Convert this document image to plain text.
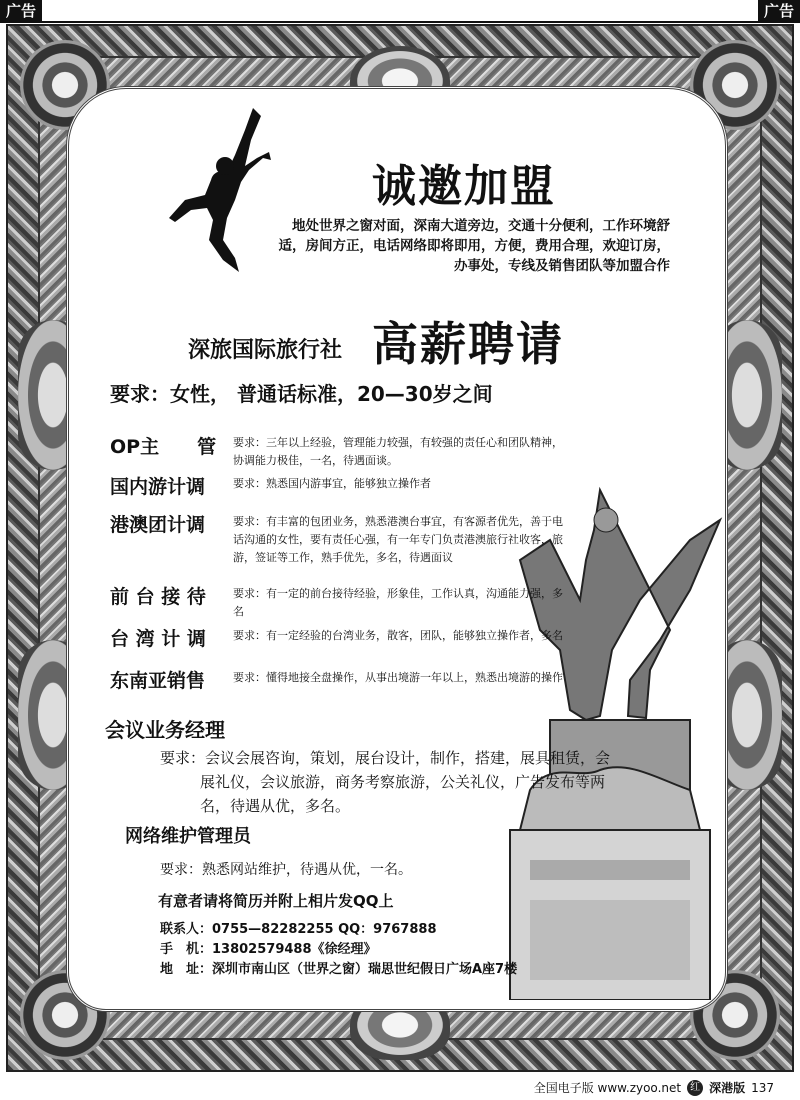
广告	广告
诚邀加盟
地处世界之窗对面，深南大道旁边，交通十分便利，工作环境舒适，房间方正，电话网络即将即用，方便，费用合理，欢迎订房，办事处，专线及销售团队等加盟合作
深旅国际旅行社 高薪聘请
要求：女性， 普通话标准，20—30岁之间
OP主　　管 要求：三年以上经验，管理能力较强，有较强的责任心和团队精神，协调能力极佳，一名，待遇面谈。
国内游计调	要求：熟悉国内游事宜，能够独立操作者
港澳团计调	要求：有丰富的包团业务，熟悉港澳台事宜，有客源者优先，善于电话沟通的女性，要有责任心强，有一年专门负责港澳旅行社收客，旅游，签证等工作，熟手优先，多名，待遇面议
前 台 接 待 要求：有一定的前台接待经验，形象佳，工作认真，沟通能力强，多名
台 湾 计 调 要求：有一定经验的台湾业务，散客，团队，能够独立操作者，多名
东南亚销售	要求：懂得地接全盘操作，从事出境游一年以上，熟悉出境游的操作
会议业务经理
要求：会议会展咨询，策划，展台设计，制作，搭建，展具租赁，会展礼仪，会议旅游，商务考察旅游，公关礼仪，广告发布等两名，待遇从优，多名。
网络维护管理员
要求：熟悉网站维护，待遇从优，一名。
有意者请将简历并附上相片发QQ上
联系人：0755—82282255 QQ：9767888
手　机：13802579488《徐经理》
地　址：深圳市南山区（世界之窗）瑞思世纪假日广场A座7楼
全国电子版 www.zyoo.net 红 深港版 137
